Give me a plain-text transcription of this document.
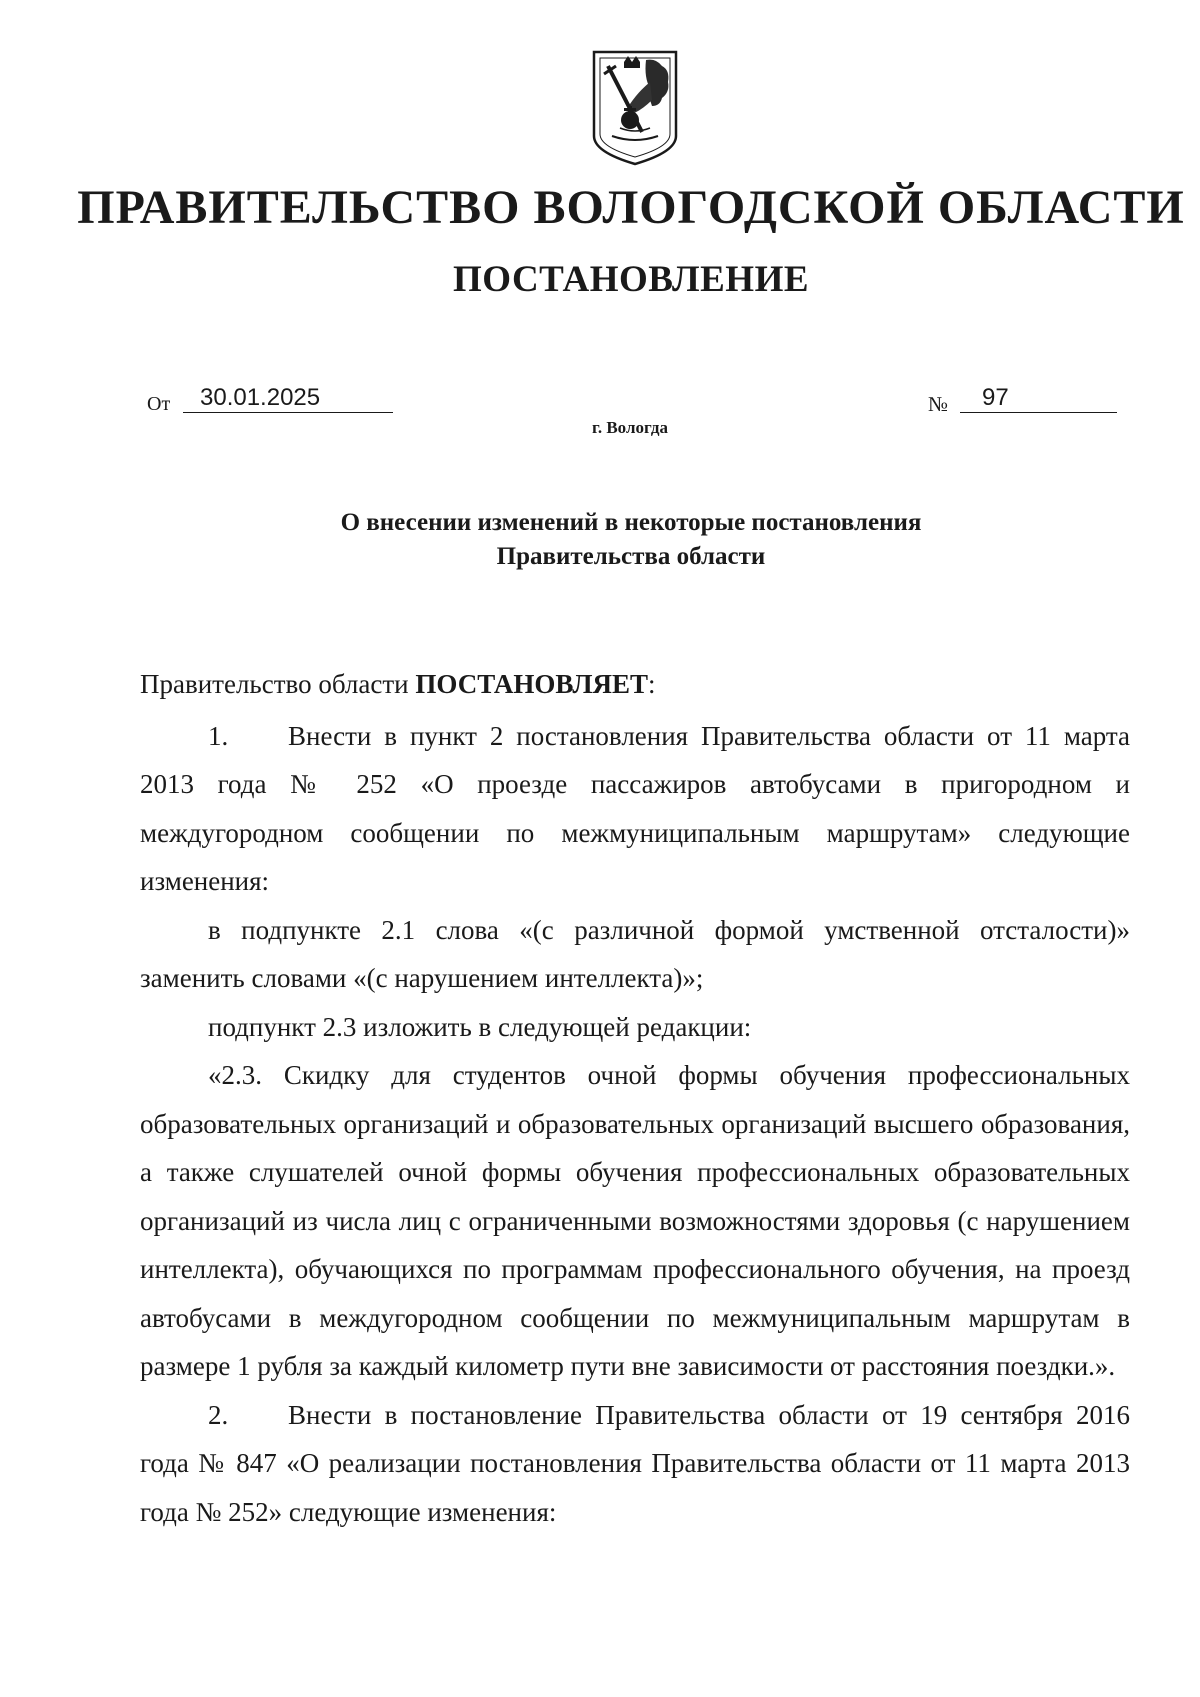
ПРАВИТЕЛЬСТВО ВОЛОГОДСКОЙ ОБЛАСТИ
ПОСТАНОВЛЕНИЕ
От 30.01.2025	№ 97
г. Вологда
О внесении изменений в некоторые постановления
Правительства области

Правительство области ПОСТАНОВЛЯЕТ:

1. Внести в пункт 2 постановления Правительства области от 11 марта 2013 года № 252 «О проезде пассажиров автобусами в пригородном и междугородном сообщении по межмуниципальным маршрутам» следующие изменения:

в подпункте 2.1 слова «(с различной формой умственной отсталости)» заменить словами «(с нарушением интеллекта)»;

подпункт 2.3 изложить в следующей редакции:

«2.3. Скидку для студентов очной формы обучения профессиональных образовательных организаций и образовательных организаций высшего образования, а также слушателей очной формы обучения профессиональных образовательных организаций из числа лиц с ограниченными возможностями здоровья (с нарушением интеллекта), обучающихся по программам профессионального обучения, на проезд автобусами в междугородном сообщении по межмуниципальным маршрутам в размере 1 рубля за каждый километр пути вне зависимости от расстояния поездки.».

2. Внести в постановление Правительства области от 19 сентября 2016 года № 847 «О реализации постановления Правительства области от 11 марта 2013 года № 252» следующие изменения:
